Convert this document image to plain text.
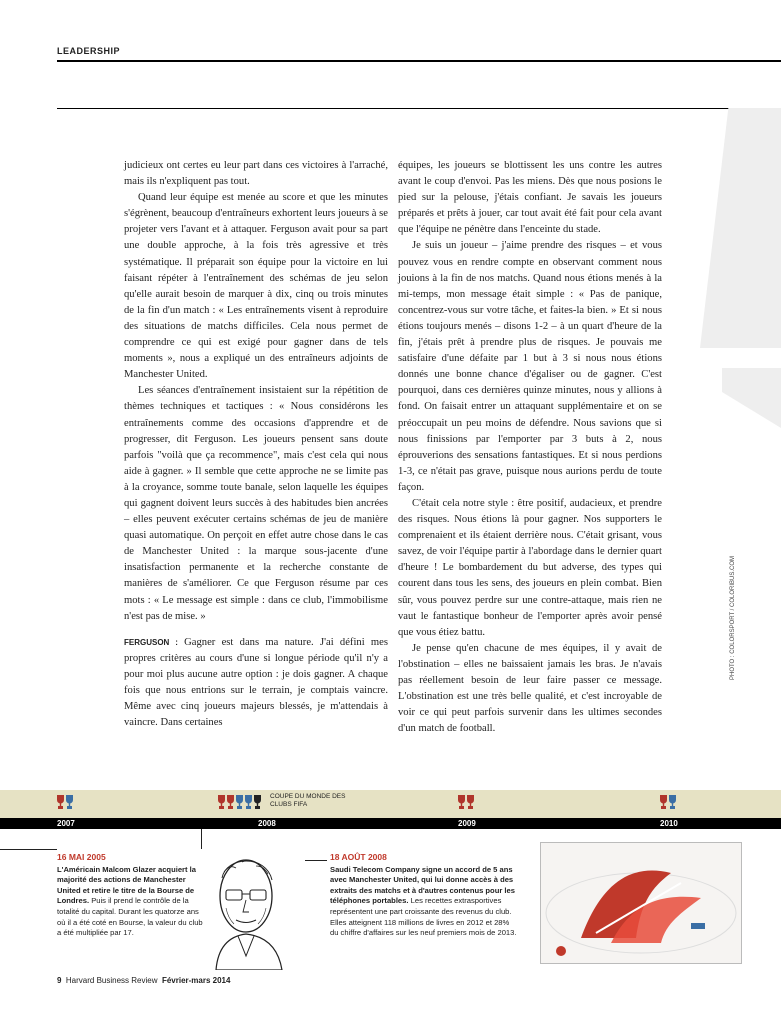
LEADERSHIP

judicieux ont certes eu leur part dans ces victoires à l'arraché, mais ils n'expliquent pas tout.

Quand leur équipe est menée au score et que les minutes s'égrènent, beaucoup d'entraîneurs exhortent leurs joueurs à se projeter vers l'avant et à attaquer. Ferguson avait pour sa part une double approche, à la fois très agressive et très systématique. Il préparait son équipe pour la victoire en lui faisant répéter à l'entraînement des schémas de jeu selon qu'elle aurait besoin de marquer à dix, cinq ou trois minutes de la fin d'un match : « Les entraînements visent à reproduire des situations de matchs difficiles. Cela nous permet de comprendre ce qui est exigé pour gagner dans de tels moments », nous a expliqué un des entraîneurs adjoints de Manchester United.

Les séances d'entraînement insistaient sur la répétition de thèmes techniques et tactiques : « Nous considérons les entraînements comme des occasions d'apprendre et de progresser, dit Ferguson. Les joueurs pensent sans doute parfois "voilà que ça recommence", mais c'est cela qui nous aide à gagner. » Il semble que cette approche ne se limite pas à la croyance, somme toute banale, selon laquelle les équipes qui gagnent doivent leurs succès à des habitudes bien ancrées – elles peuvent exécuter certains schémas de jeu de manière quasi automatique. On perçoit en effet autre chose dans le cas de Manchester United : la marque sous-jacente d'une insatisfaction permanente et la recherche constante de manières de s'améliorer. Ce que Ferguson résume par ces mots : « Le message est simple : dans ce club, l'immobilisme n'est pas de mise. »

FERGUSON : Gagner est dans ma nature. J'ai défini mes propres critères au cours d'une si longue période qu'il n'y a pour moi plus aucune autre option : je dois gagner. A chaque fois que nous entrions sur le terrain, je comptais vaincre. Même avec cinq joueurs majeurs blessés, je m'attendais à vaincre. Dans certaines

équipes, les joueurs se blottissent les uns contre les autres avant le coup d'envoi. Pas les miens. Dès que nous posions le pied sur la pelouse, j'étais confiant. Je savais les joueurs préparés et prêts à jouer, car tout avait été fait pour cela avant que l'équipe ne pénètre dans l'enceinte du stade.

Je suis un joueur – j'aime prendre des risques – et vous pouvez vous en rendre compte en observant comment nous jouions à la fin de nos matchs. Quand nous étions menés à la mi-temps, mon message était simple : « Pas de panique, concentrez-vous sur votre tâche, et faites-la bien. » Et si nous étions toujours menés – disons 1-2 – à un quart d'heure de la fin, j'étais prêt à prendre plus de risques. Je pouvais me satisfaire d'une défaite par 1 but à 3 si nous nous étions donnés une bonne chance d'égaliser ou de gagner. C'est pourquoi, dans ces dernières quinze minutes, nous y allions à fond. On faisait entrer un attaquant supplémentaire et on se préoccupait un peu moins de défendre. Nous savions que si nous finissions par l'emporter par 3 buts à 2, nous éprouverions des sensations fantastiques. Et si nous perdions 1-3, ce n'était pas grave, puisque nous aurions perdu de toute façon.

C'était cela notre style : être positif, audacieux, et prendre des risques. Nous étions là pour gagner. Nos supporters le comprenaient et ils étaient derrière nous. C'était grisant, vous savez, de voir l'équipe partir à l'abordage dans le dernier quart d'heure ! Le bombardement du but adverse, des types qui courent dans tous les sens, des joueurs en plein combat. Bien sûr, vous pouvez perdre sur une contre-attaque, mais rien ne vaut le fantastique bonheur de l'emporter après avoir pensé que vous étiez battu.

Je pense qu'en chacune de mes équipes, il y avait de l'obstination – elles ne baissaient jamais les bras. Je n'avais pas réellement besoin de leur faire passer ce message. L'obstination est une très belle qualité, et c'est incroyable de voir ce qui peut parfois survenir dans les ultimes secondes d'un match de football.

PHOTO : COLORSPORT / COLORIBUS.COM
COUPE DU MONDE DES CLUBS FIFA
2007	2008	2009	2010
16 MAI 2005
L'Américain Malcom Glazer acquiert la majorité des actions de Manchester United et retire le titre de la Bourse de Londres. Puis il prend le contrôle de la totalité du capital. Durant les quatorze ans où il a été coté en Bourse, la valeur du club a été multipliée par 17.
18 AOÛT 2008
Saudi Telecom Company signe un accord de 5 ans avec Manchester United, qui lui donne accès à des extraits des matchs et à d'autres contenus pour les téléphones portables. Les recettes extrasportives représentent une part croissante des revenus du club. Elles atteignent 118 millions de livres en 2012 et 28% du chiffre d'affaires sur les neuf premiers mois de 2013.
9 Harvard Business Review Février-mars 2014
